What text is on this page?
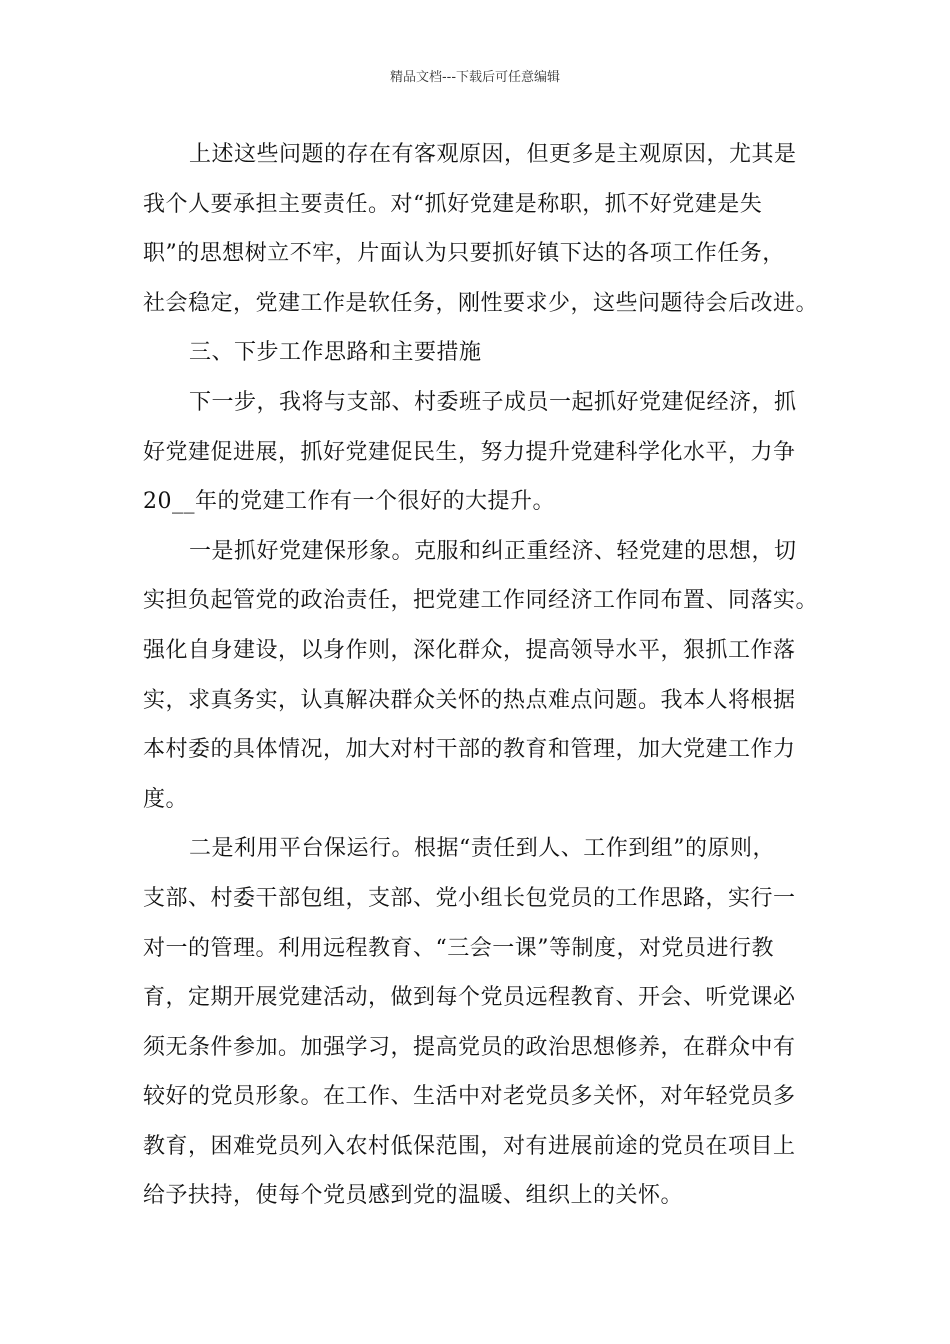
精品文档---下载后可任意编辑
上述这些问题的存在有客观原因，但更多是主观原因，尤其是
我个人要承担主要责任。对“抓好党建是称职，抓不好党建是失
职”的思想树立不牢，片面认为只要抓好镇下达的各项工作任务，
社会稳定，党建工作是软任务，刚性要求少，这些问题待会后改进。
三、下步工作思路和主要措施
下一步，我将与支部、村委班子成员一起抓好党建促经济，抓
好党建促进展，抓好党建促民生，努力提升党建科学化水平，力争
20__年的党建工作有一个很好的大提升。
一是抓好党建保形象。克服和纠正重经济、轻党建的思想，切
实担负起管党的政治责任，把党建工作同经济工作同布置、同落实。
强化自身建设，以身作则，深化群众，提高领导水平，狠抓工作落
实，求真务实，认真解决群众关怀的热点难点问题。我本人将根据
本村委的具体情况，加大对村干部的教育和管理，加大党建工作力
度。
二是利用平台保运行。根据“责任到人、工作到组”的原则，
支部、村委干部包组，支部、党小组长包党员的工作思路，实行一
对一的管理。利用远程教育、“三会一课”等制度，对党员进行教
育，定期开展党建活动，做到每个党员远程教育、开会、听党课必
须无条件参加。加强学习，提高党员的政治思想修养，在群众中有
较好的党员形象。在工作、生活中对老党员多关怀，对年轻党员多
教育，困难党员列入农村低保范围，对有进展前途的党员在项目上
给予扶持，使每个党员感到党的温暖、组织上的关怀。
